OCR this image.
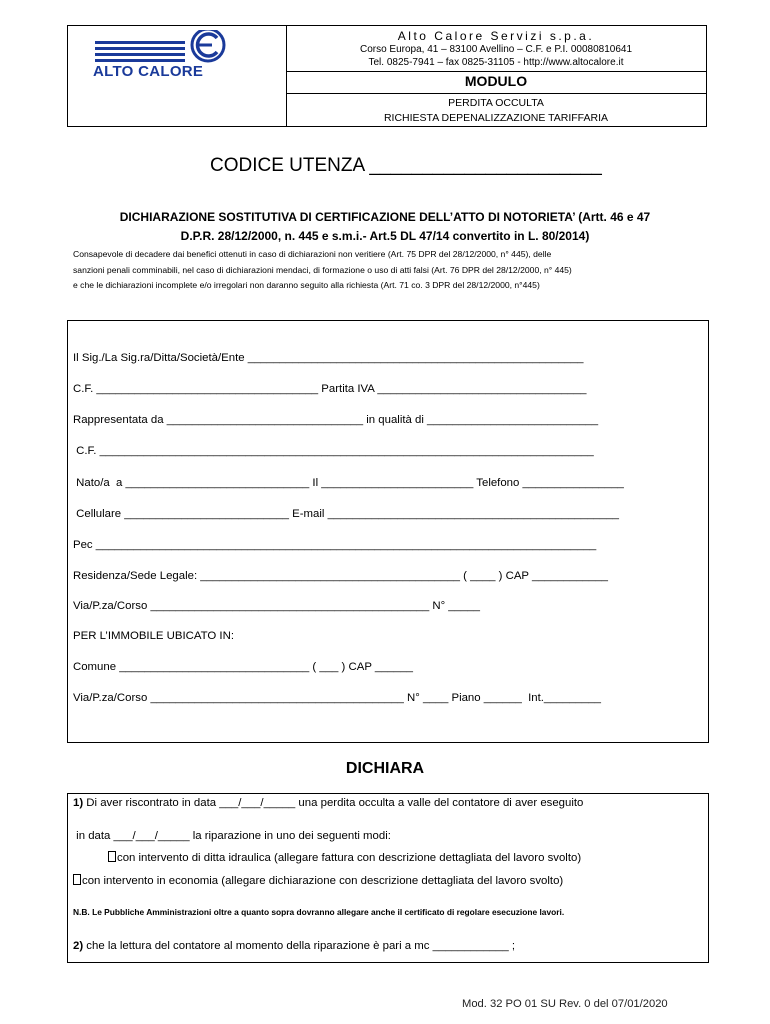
Alto Calore Servizi s.p.a.
Corso Europa, 41 – 83100 Avellino – C.F. e P.I. 00080810641
Tel. 0825-7941 – fax 0825-31105 - http://www.altocalore.it
MODULO
PERDITA OCCULTA
RICHIESTA DEPENALIZZAZIONE TARIFFARIA
ALTO CALORE
CODICE UTENZA ______________________
DICHIARAZIONE SOSTITUTIVA DI CERTIFICAZIONE DELL’ATTO DI NOTORIETA’ (Artt. 46 e 47
D.P.R. 28/12/2000, n. 445 e s.m.i.- Art.5 DL 47/14 convertito in L. 80/2014)
Consapevole di decadere dai benefici ottenuti in caso di dichiarazioni non veritiere (Art. 75 DPR del 28/12/2000, n° 445), delle
sanzioni penali comminabili, nel caso di dichiarazioni mendaci, di formazione o uso di atti falsi (Art. 76 DPR del 28/12/2000, n° 445)
e che le dichiarazioni incomplete e/o irregolari non daranno seguito alla richiesta (Art. 71 co. 3 DPR del 28/12/2000, n°445)
Il Sig./La Sig.ra/Ditta/Società/Ente _____________________________________________________
C.F. ___________________________________ Partita IVA _________________________________
Rappresentata da _______________________________ in qualità di ___________________________
C.F. ______________________________________________________________________________
Nato/a  a _____________________________ Il ________________________ Telefono ________________
Cellulare __________________________ E-mail ______________________________________________
Pec _______________________________________________________________________________
Residenza/Sede Legale: _________________________________________ ( ____ ) CAP ____________
Via/P.za/Corso ____________________________________________ N° _____
PER L’IMMOBILE UBICATO IN:
Comune ______________________________ ( ___ ) CAP ______
Via/P.za/Corso ________________________________________ N° ____ Piano ______  Int._________
DICHIARA
1) Di aver riscontrato in data ___/___/_____ una perdita occulta a valle del contatore di aver eseguito
in data ___/___/_____ la riparazione in uno dei seguenti modi:
con intervento di ditta idraulica (allegare fattura con descrizione dettagliata del lavoro svolto)
con intervento in economia (allegare dichiarazione con descrizione dettagliata del lavoro svolto)
N.B. Le Pubbliche Amministrazioni oltre a quanto sopra dovranno allegare anche il certificato di regolare esecuzione lavori.
2) che la lettura del contatore al momento della riparazione è pari a mc ____________ ;
Mod. 32 PO 01 SU Rev. 0 del 07/01/2020
